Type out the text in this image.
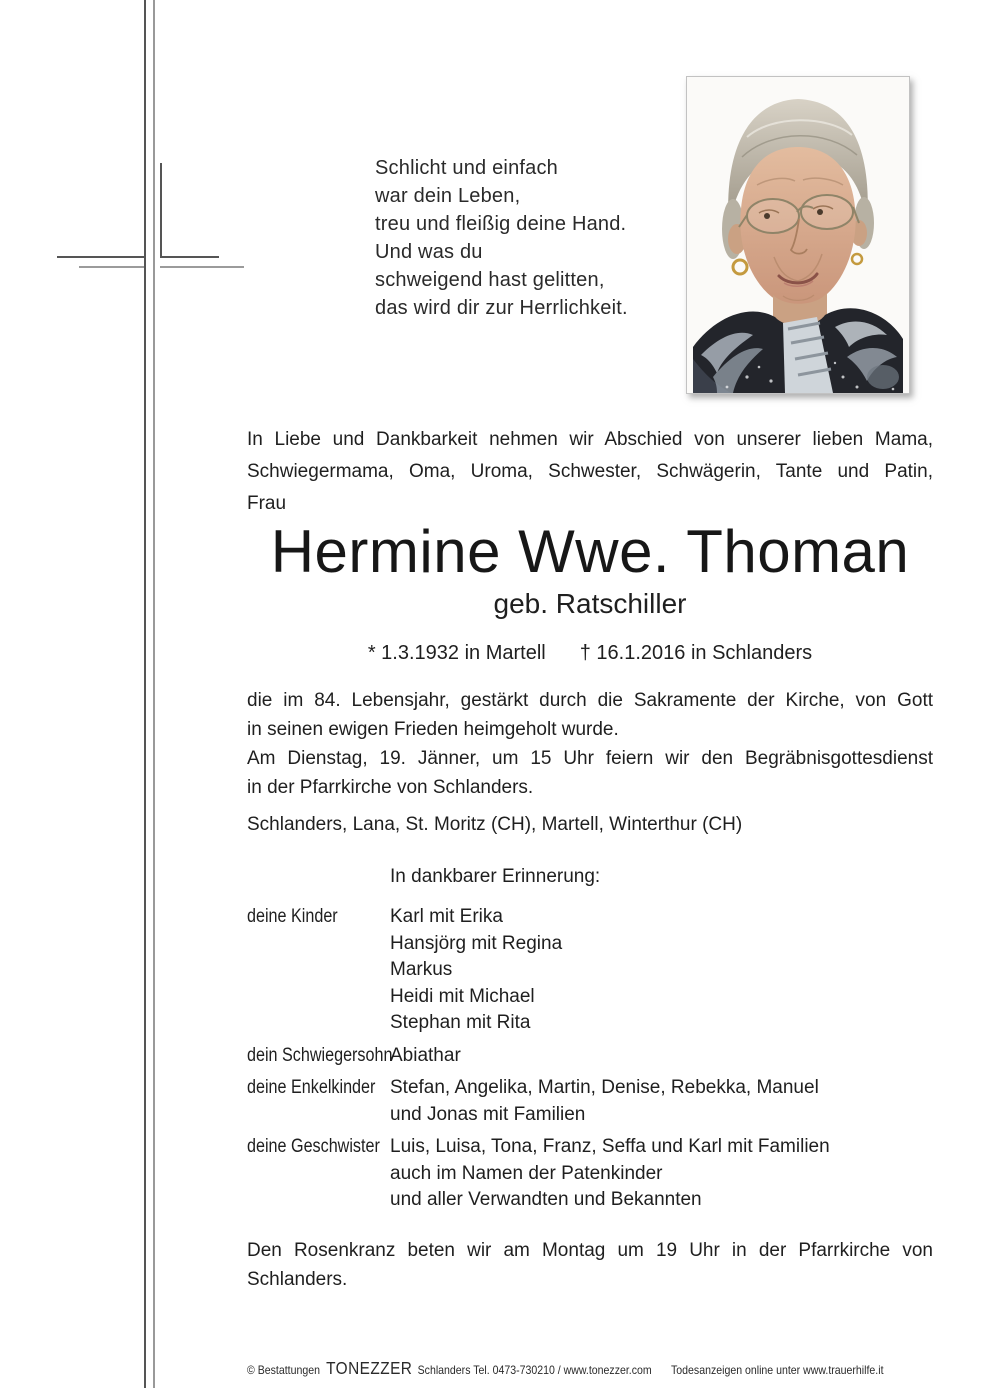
Schlicht und einfach
war dein Leben,
treu und fleißig deine Hand.
Und was du
schweigend hast gelitten,
das wird dir zur Herrlichkeit.
In Liebe und Dankbarkeit nehmen wir Abschied von unserer lieben Mama,
Schwiegermama, Oma, Uroma, Schwester, Schwägerin, Tante und Patin,
Frau
Hermine Wwe. Thoman
geb. Ratschiller
* 1.3.1932 in Martell † 16.1.2016 in Schlanders
die im 84. Lebensjahr, gestärkt durch die Sakramente der Kirche, von Gott
in seinen ewigen Frieden heimgeholt wurde.
Am Dienstag, 19. Jänner, um 15 Uhr feiern wir den Begräbnisgottesdienst
in der Pfarrkirche von Schlanders.
Schlanders, Lana, St. Moritz (CH), Martell, Winterthur (CH)
In dankbarer Erinnerung:
deine Kinder	Karl mit Erika
Hansjörg mit Regina
Markus
Heidi mit Michael
Stephan mit Rita
dein Schwiegersohn
Abiathar
deine Enkelkinder Stefan, Angelika, Martin, Denise, Rebekka, Manuel
und Jonas mit Familien
deine Geschwister Luis, Luisa, Tona, Franz, Seffa und Karl mit Familien
auch im Namen der Patenkinder
und aller Verwandten und Bekannten
Den Rosenkranz beten wir am Montag um 19 Uhr in der Pfarrkirche von
Schlanders.
© Bestattungen TONEZZER Schlanders Tel. 0473-730210 / www.tonezzer.com Todesanzeigen online unter www.trauerhilfe.it
